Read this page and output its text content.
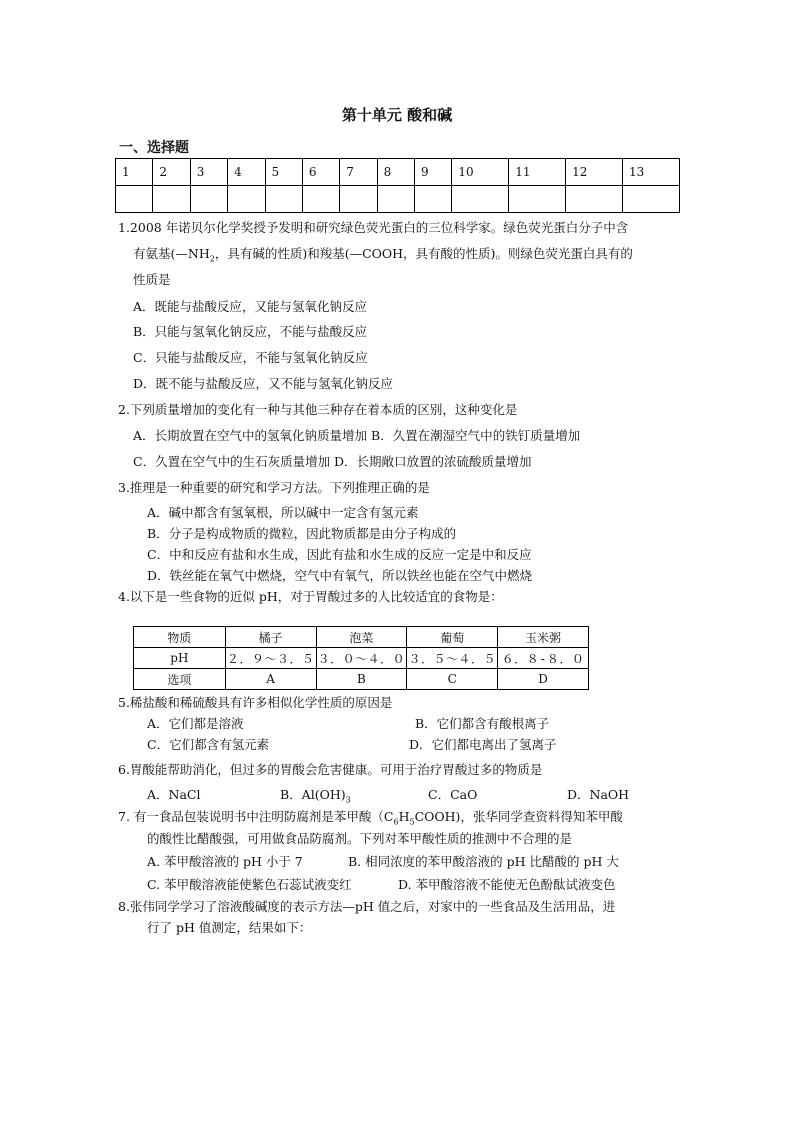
第十单元 酸和碱
一、选择题
1	2	3	4	5	6	7	8	9	10	11	12	13

1.2008 年诺贝尔化学奖授予发明和研究绿色荧光蛋白的三位科学家。绿色荧光蛋白分子中含
有氨基($—NH_2$，具有碱的性质)和羧基(—COOH，具有酸的性质)。则绿色荧光蛋白具有的
性质是
A．既能与盐酸反应，又能与氢氧化钠反应
B．只能与氢氧化钠反应，不能与盐酸反应
C．只能与盐酸反应，不能与氢氧化钠反应
D．既不能与盐酸反应，又不能与氢氧化钠反应
2.下列质量增加的变化有一种与其他三种存在着本质的区别，这种变化是
A．长期放置在空气中的氢氧化钠质量增加 B．久置在潮湿空气中的铁钉质量增加
C．久置在空气中的生石灰质量增加 D．长期敞口放置的浓硫酸质量增加
3.推理是一种重要的研究和学习方法。下列推理正确的是
A．碱中都含有氢氧根，所以碱中一定含有氢元素
B．分子是构成物质的微粒，因此物质都是由分子构成的
C．中和反应有盐和水生成，因此有盐和水生成的反应一定是中和反应
D．铁丝能在氧气中燃烧，空气中有氧气，所以铁丝也能在空气中燃烧
4.以下是一些食物的近似 pH，对于胃酸过多的人比较适宜的食物是：
物质	橘子	泡菜	葡萄	玉米粥
pH	２．９～３．５	３．０～４．０	３．５～４．５	６．８-８．０
选项	A	B	C	D
5.稀盐酸和稀硫酸具有许多相似化学性质的原因是
A．它们都是溶液	B．它们都含有酸根离子
C．它们都含有氢元素	D．它们都电离出了氢离子
6.胃酸能帮助消化，但过多的胃酸会危害健康。可用于治疗胃酸过多的物质是
A．NaCl	B．$Al(OH)_3$	C．CaO	D．NaOH
7. 有一食品包装说明书中注明防腐剂是苯甲酸$(C_6H_5COOH)$，张华同学查资料得知苯甲酸
的酸性比醋酸强，可用做食品防腐剂。下列对苯甲酸性质的推测中不合理的是
A. 苯甲酸溶液的 pH 小于 7	B. 相同浓度的苯甲酸溶液的 pH 比醋酸的 pH 大
C. 苯甲酸溶液能使紫色石蕊试液变红	D. 苯甲酸溶液不能使无色酚酞试液变色
8.张伟同学学习了溶液酸碱度的表示方法—pH 值之后，对家中的一些食品及生活用品，进
行了 pH 值测定，结果如下：
